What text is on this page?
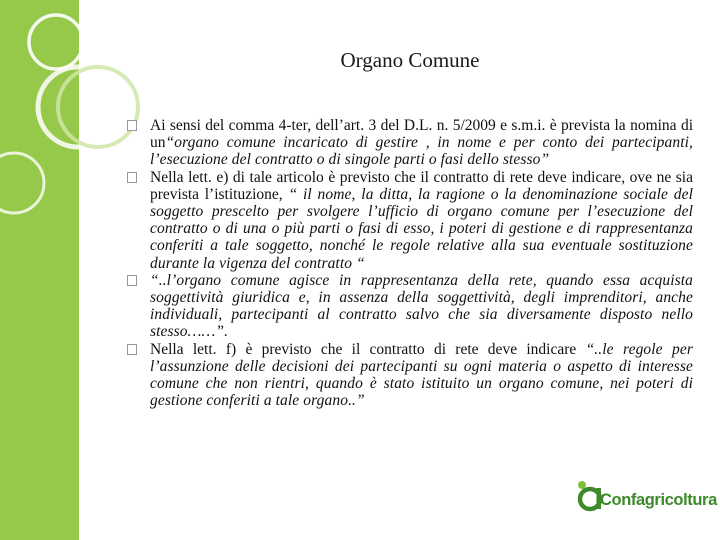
Organo Comune
Ai sensi del comma 4-ter, dell’art. 3 del D.L. n. 5/2009 e s.m.i. è prevista la nomina di un“organo comune incaricato di gestire , in nome e per conto dei partecipanti, l’esecuzione del contratto o di singole parti o fasi dello stesso”
Nella lett. e) di tale articolo è previsto che il contratto di rete deve indicare, ove ne sia prevista l’istituzione, “ il nome, la ditta, la ragione o la denominazione sociale del soggetto prescelto per svolgere l’ufficio di organo comune per l’esecuzione del contratto o di una o più parti o fasi di esso, i poteri di gestione e di rappresentanza conferiti a tale soggetto, nonché le regole relative alla sua eventuale sostituzione durante la vigenza del contratto “
“..l’organo comune agisce in rappresentanza della rete, quando essa acquista soggettività giuridica e, in assenza della soggettività, degli imprenditori, anche individuali, partecipanti al contratto salvo che sia diversamente disposto nello stesso……”.
Nella lett. f) è previsto che il contratto di rete deve indicare “..le regole per l’assunzione delle decisioni dei partecipanti su ogni materia o aspetto di interesse comune che non rientri, quando è stato istituito un organo comune, nei poteri di gestione conferiti a tale organo..”
Confagricoltura
